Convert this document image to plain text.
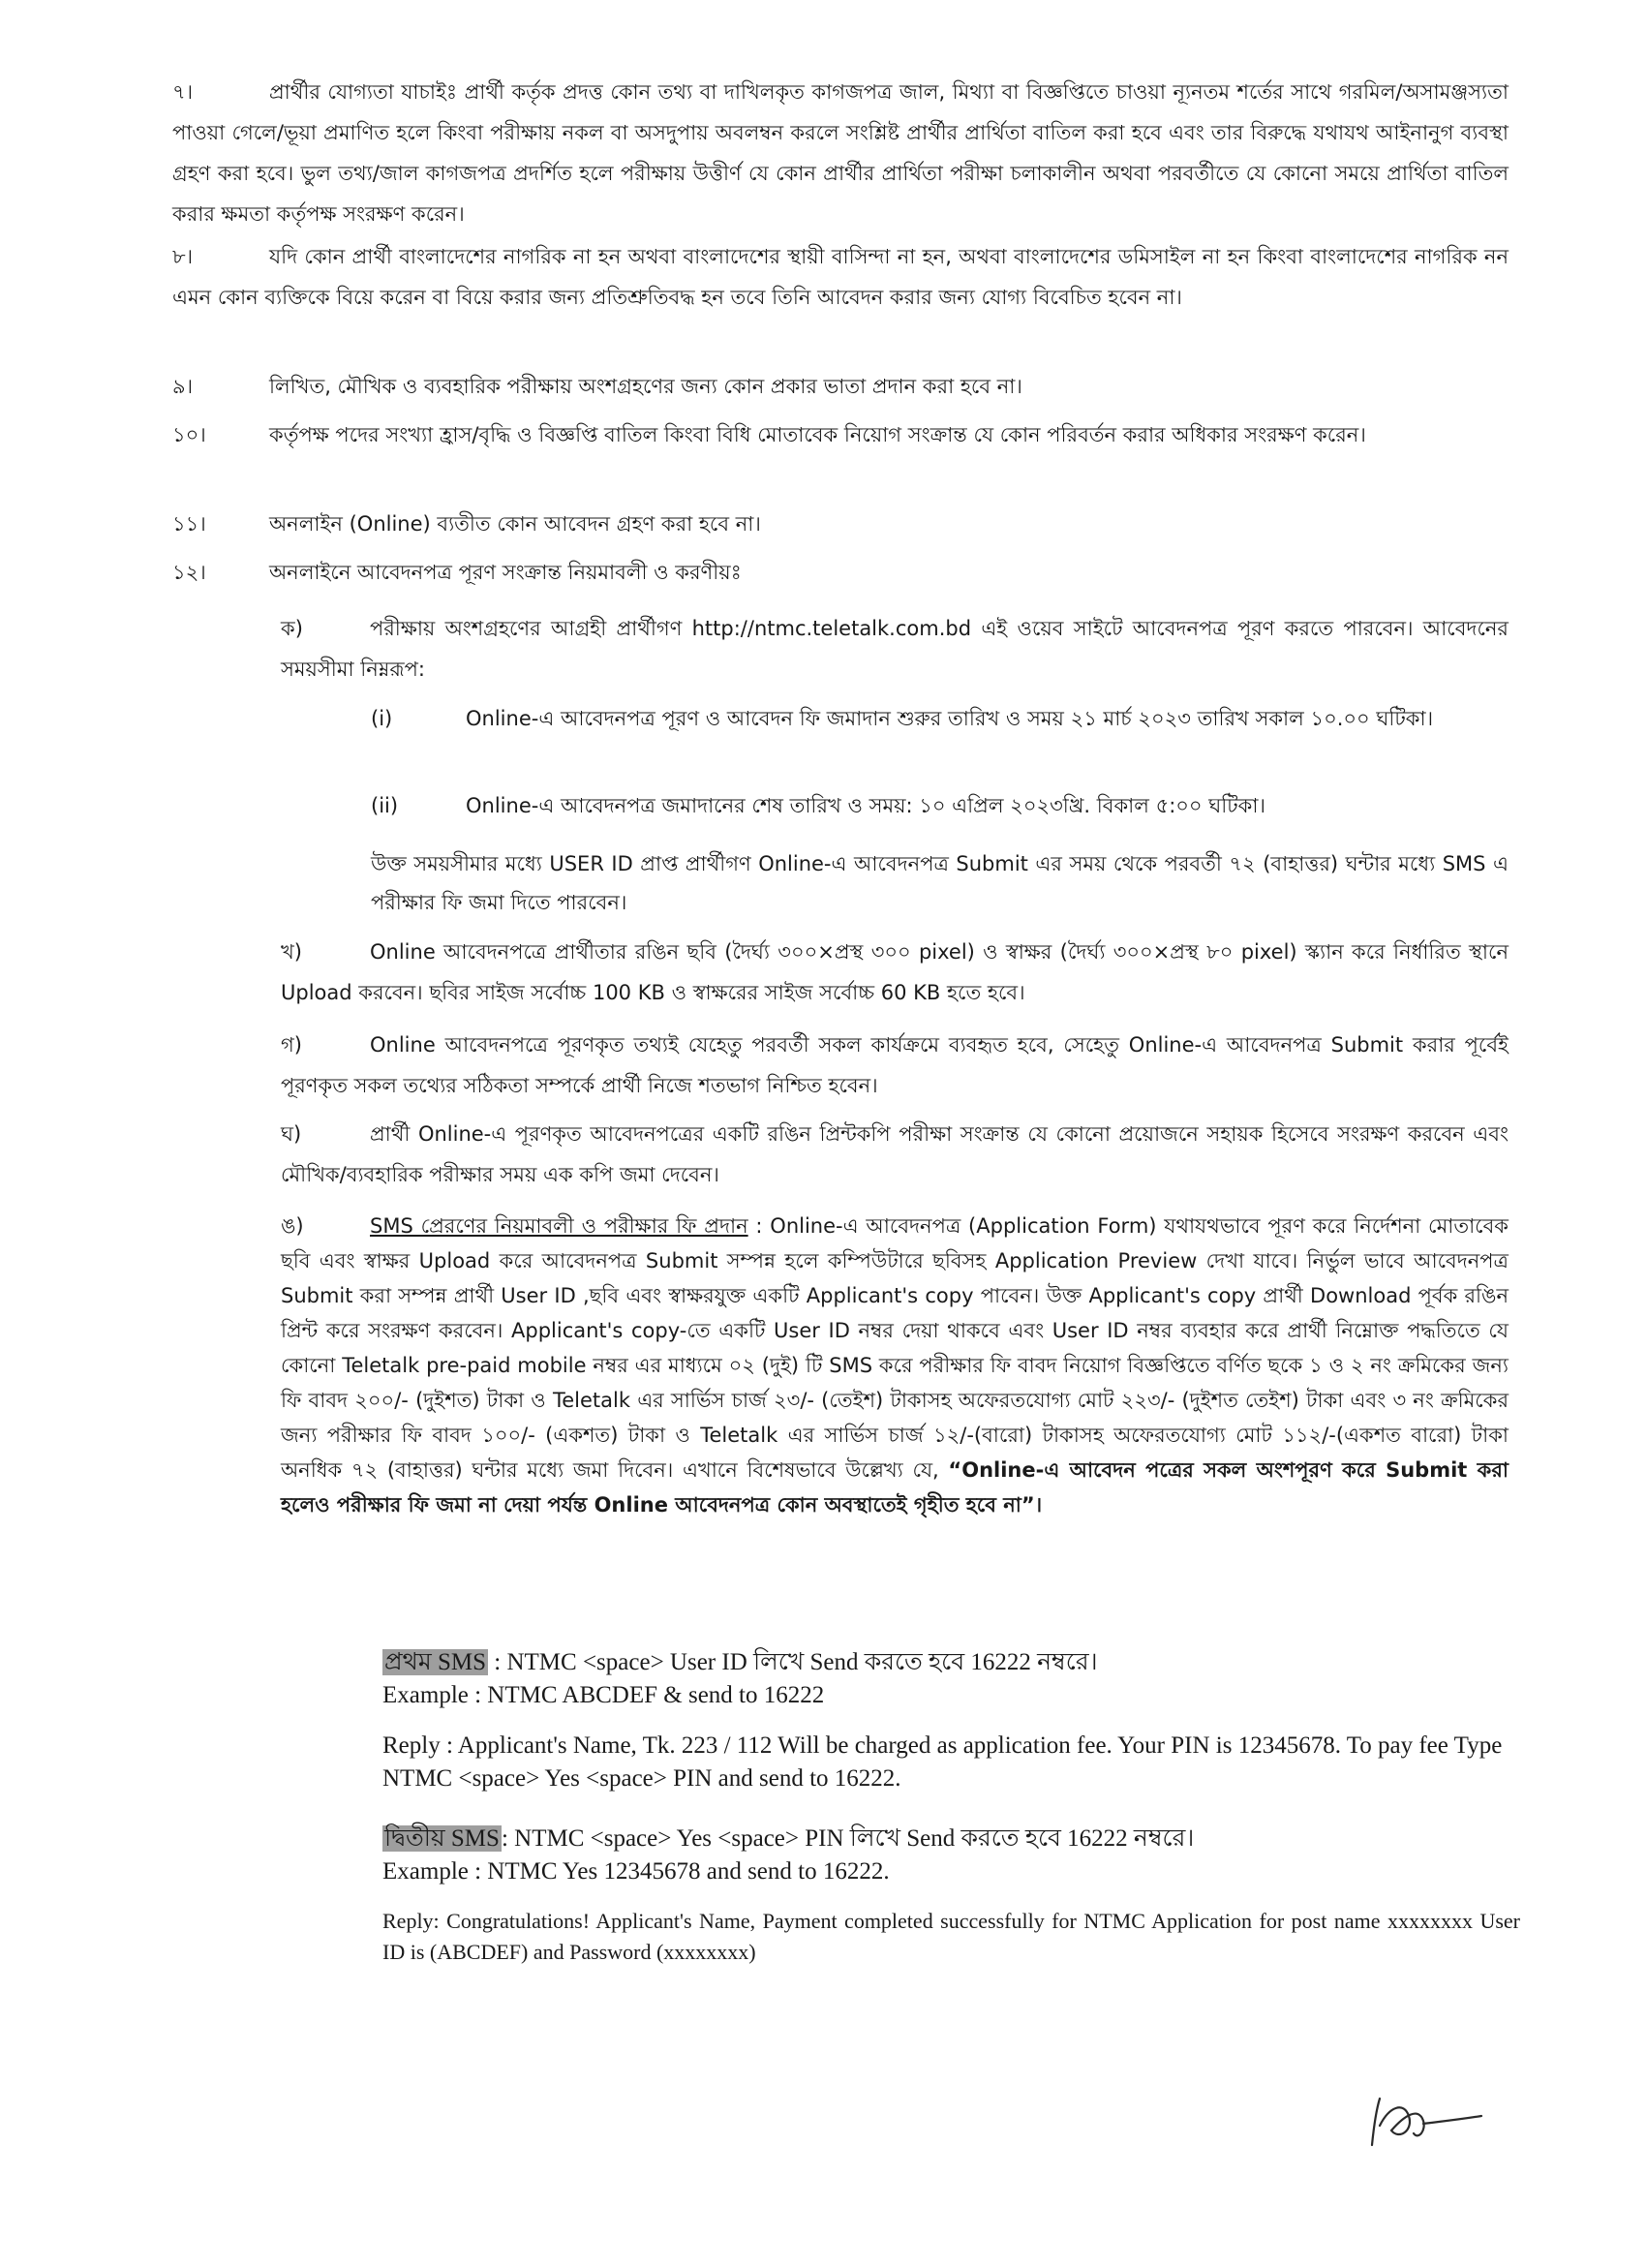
৭।	প্রার্থীর যোগ্যতা যাচাইঃ প্রার্থী কর্তৃক প্রদত্ত কোন তথ্য বা দাখিলকৃত কাগজপত্র জাল, মিথ্যা বা বিজ্ঞপ্তিতে চাওয়া ন্যূনতম শর্তের সাথে গরমিল/অসামঞ্জস্যতা পাওয়া গেলে/ভূয়া প্রমাণিত হলে কিংবা পরীক্ষায় নকল বা অসদুপায় অবলম্বন করলে সংশ্লিষ্ট প্রার্থীর প্রার্থিতা বাতিল করা হবে এবং তার বিরুদ্ধে যথাযথ আইনানুগ ব্যবস্থা গ্রহণ করা হবে। ভুল তথ্য/জাল কাগজপত্র প্রদর্শিত হলে পরীক্ষায় উত্তীর্ণ যে কোন প্রার্থীর প্রার্থিতা পরীক্ষা চলাকালীন অথবা পরবর্তীতে যে কোনো সময়ে প্রার্থিতা বাতিল করার ক্ষমতা কর্তৃপক্ষ সংরক্ষণ করেন।
৮।	যদি কোন প্রার্থী বাংলাদেশের নাগরিক না হন অথবা বাংলাদেশের স্থায়ী বাসিন্দা না হন, অথবা বাংলাদেশের ডমিসাইল না হন কিংবা বাংলাদেশের নাগরিক নন এমন কোন ব্যক্তিকে বিয়ে করেন বা বিয়ে করার জন্য প্রতিশ্রুতিবদ্ধ হন তবে তিনি আবেদন করার জন্য যোগ্য বিবেচিত হবেন না।
৯।	লিখিত, মৌখিক ও ব্যবহারিক পরীক্ষায় অংশগ্রহণের জন্য কোন প্রকার ভাতা প্রদান করা হবে না।
১০।	কর্তৃপক্ষ পদের সংখ্যা হ্রাস/বৃদ্ধি ও বিজ্ঞপ্তি বাতিল কিংবা বিধি মোতাবেক নিয়োগ সংক্রান্ত যে কোন পরিবর্তন করার অধিকার সংরক্ষণ করেন।
১১।	অনলাইন (Online) ব্যতীত কোন আবেদন গ্রহণ করা হবে না।
১২।	অনলাইনে আবেদনপত্র পূরণ সংক্রান্ত নিয়মাবলী ও করণীয়ঃ
ক)	পরীক্ষায় অংশগ্রহণের আগ্রহী প্রার্থীগণ http://ntmc.teletalk.com.bd এই ওয়েব সাইটে আবেদনপত্র পূরণ করতে পারবেন। আবেদনের সময়সীমা নিম্নরূপ:
(i)	Online-এ আবেদনপত্র পূরণ ও আবেদন ফি জমাদান শুরুর তারিখ ও সময় ২১ মার্চ ২০২৩ তারিখ সকাল ১০.০০ ঘটিকা।
(ii)	Online-এ আবেদনপত্র জমাদানের শেষ তারিখ ও সময়: ১০ এপ্রিল ২০২৩খ্রি. বিকাল ৫:০০ ঘটিকা।
উক্ত সময়সীমার মধ্যে USER ID প্রাপ্ত প্রার্থীগণ Online-এ আবেদনপত্র Submit এর সময় থেকে পরবর্তী ৭২ (বাহাত্তর) ঘন্টার মধ্যে SMS এ পরীক্ষার ফি জমা দিতে পারবেন।
খ)	Online আবেদনপত্রে প্রার্থীতার রঙিন ছবি (দৈর্ঘ্য ৩০০×প্রস্থ ৩০০ pixel) ও স্বাক্ষর (দৈর্ঘ্য ৩০০×প্রস্থ ৮০ pixel) স্ক্যান করে নির্ধারিত স্থানে Upload করবেন। ছবির সাইজ সর্বোচ্চ 100 KB ও স্বাক্ষরের সাইজ সর্বোচ্চ 60 KB হতে হবে।
গ)	Online আবেদনপত্রে পূরণকৃত তথ্যই যেহেতু পরবর্তী সকল কার্যক্রমে ব্যবহৃত হবে, সেহেতু Online-এ আবেদনপত্র Submit করার পূর্বেই পূরণকৃত সকল তথ্যের সঠিকতা সম্পর্কে প্রার্থী নিজে শতভাগ নিশ্চিত হবেন।
ঘ)	প্রার্থী Online-এ পূরণকৃত আবেদনপত্রের একটি রঙিন প্রিন্টকপি পরীক্ষা সংক্রান্ত যে কোনো প্রয়োজনে সহায়ক হিসেবে সংরক্ষণ করবেন এবং মৌখিক/ব্যবহারিক পরীক্ষার সময় এক কপি জমা দেবেন।
ঙ)	SMS প্রেরণের নিয়মাবলী ও পরীক্ষার ফি প্রদান : Online-এ আবেদনপত্র (Application Form) যথাযথভাবে পূরণ করে নির্দেশনা মোতাবেক ছবি এবং স্বাক্ষর Upload করে আবেদনপত্র Submit সম্পন্ন হলে কম্পিউটারে ছবিসহ Application Preview দেখা যাবে। নির্ভুল ভাবে আবেদনপত্র Submit করা সম্পন্ন প্রার্থী User ID ,ছবি এবং স্বাক্ষরযুক্ত একটি Applicant's copy পাবেন। উক্ত Applicant's copy প্রার্থী Download পূর্বক রঙিন প্রিন্ট করে সংরক্ষণ করবেন। Applicant's copy-তে একটি User ID নম্বর দেয়া থাকবে এবং User ID নম্বর ব্যবহার করে প্রার্থী নিম্নোক্ত পদ্ধতিতে যে কোনো Teletalk pre-paid mobile নম্বর এর মাধ্যমে ০২ (দুই) টি SMS করে পরীক্ষার ফি বাবদ নিয়োগ বিজ্ঞপ্তিতে বর্ণিত ছকে ১ ও ২ নং ক্রমিকের জন্য ফি বাবদ ২০০/- (দুইশত) টাকা ও Teletalk এর সার্ভিস চার্জ ২৩/- (তেইশ) টাকাসহ অফেরতযোগ্য মোট ২২৩/- (দুইশত তেইশ) টাকা এবং ৩ নং ক্রমিকের জন্য পরীক্ষার ফি বাবদ ১০০/- (একশত) টাকা ও Teletalk এর সার্ভিস চার্জ ১২/-(বারো) টাকাসহ অফেরতযোগ্য মোট ১১২/-(একশত বারো) টাকা অনধিক ৭২ (বাহাত্তর) ঘন্টার মধ্যে জমা দিবেন। এখানে বিশেষভাবে উল্লেখ্য যে, “Online-এ আবেদন পত্রের সকল অংশপূরণ করে Submit করা হলেও পরীক্ষার ফি জমা না দেয়া পর্যন্ত Online আবেদনপত্র কোন অবস্থাতেই গৃহীত হবে না”।
প্রথম SMS : NTMC <space> User ID লিখে Send করতে হবে 16222 নম্বরে।
Example : NTMC ABCDEF & send to 16222
Reply : Applicant's Name, Tk. 223 / 112 Will be charged as application fee. Your PIN is 12345678. To pay fee Type NTMC <space> Yes <space> PIN and send to 16222.
দ্বিতীয় SMS: NTMC <space> Yes <space> PIN লিখে Send করতে হবে 16222 নম্বরে।
Example : NTMC Yes 12345678 and send to 16222.
Reply: Congratulations! Applicant's Name, Payment completed successfully for NTMC Application for post name xxxxxxxx User ID is (ABCDEF) and Password (xxxxxxxx)
